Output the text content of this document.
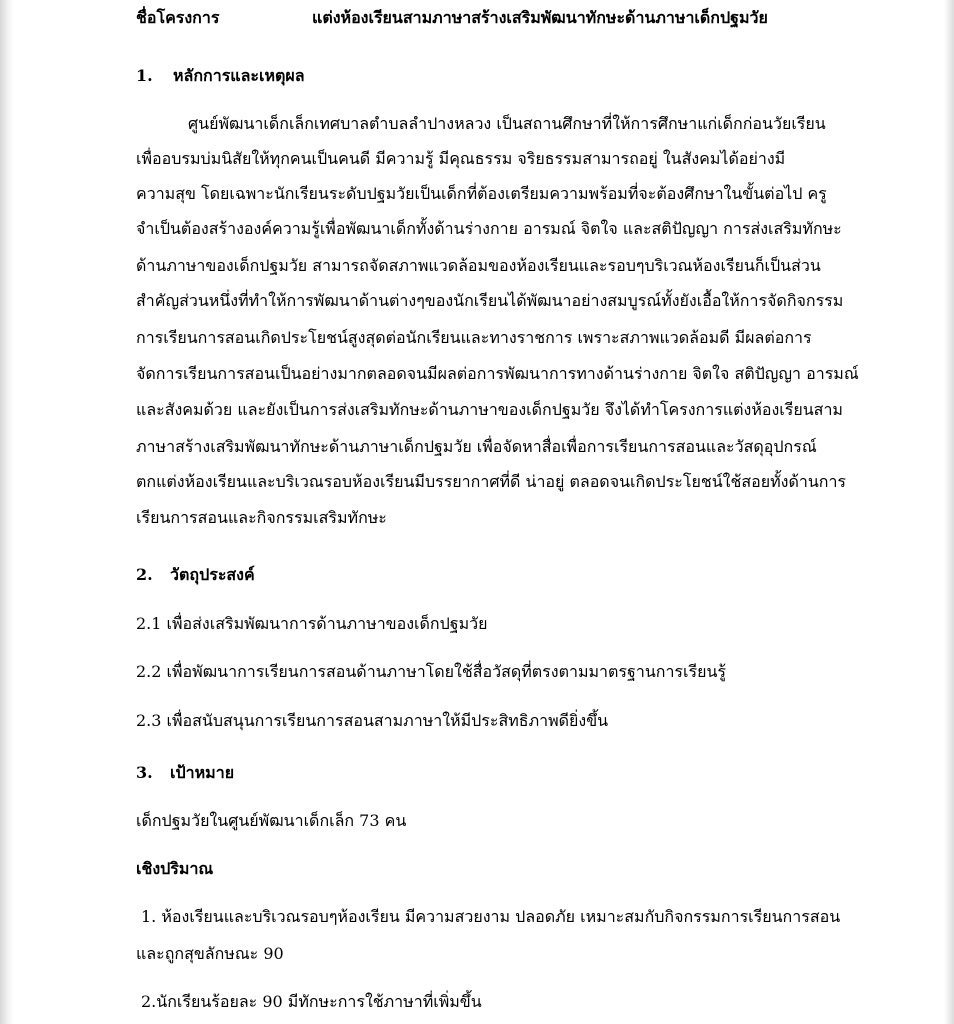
ชื่อโครงการ	แต่งห้องเรียนสามภาษาสร้างเสริมพัฒนาทักษะด้านภาษาเด็กปฐมวัย
1. หลักการและเหตุผล
ศูนย์พัฒนาเด็กเล็กเทศบาลตำบลลำปางหลวง เป็นสถานศึกษาที่ให้การศึกษาแก่เด็กก่อนวัยเรียน
เพื่ออบรมบ่มนิสัยให้ทุกคนเป็นคนดี มีความรู้ มีคุณธรรม จริยธรรมสามารถอยู่ ในสังคมได้อย่างมี
ความสุข โดยเฉพาะนักเรียนระดับปฐมวัยเป็นเด็กที่ต้องเตรียมความพร้อมที่จะต้องศึกษาในขั้นต่อไป ครู
จำเป็นต้องสร้างองค์ความรู้เพื่อพัฒนาเด็กทั้งด้านร่างกาย อารมณ์ จิตใจ และสติปัญญา การส่งเสริมทักษะ
ด้านภาษาของเด็กปฐมวัย สามารถจัดสภาพแวดล้อมของห้องเรียนและรอบๆบริเวณห้องเรียนก็เป็นส่วน
สำคัญส่วนหนึ่งที่ทำให้การพัฒนาด้านต่างๆของนักเรียนได้พัฒนาอย่างสมบูรณ์ทั้งยังเอื้อให้การจัดกิจกรรม
การเรียนการสอนเกิดประโยชน์สูงสุดต่อนักเรียนและทางราชการ เพราะสภาพแวดล้อมดี มีผลต่อการ
จัดการเรียนการสอนเป็นอย่างมากตลอดจนมีผลต่อการพัฒนาการทางด้านร่างกาย จิตใจ สติปัญญา อารมณ์
และสังคมด้วย และยังเป็นการส่งเสริมทักษะด้านภาษาของเด็กปฐมวัย จึงได้ทำโครงการแต่งห้องเรียนสาม
ภาษาสร้างเสริมพัฒนาทักษะด้านภาษาเด็กปฐมวัย เพื่อจัดหาสื่อเพื่อการเรียนการสอนและวัสดุอุปกรณ์
ตกแต่งห้องเรียนและบริเวณรอบห้องเรียนมีบรรยากาศที่ดี น่าอยู่ ตลอดจนเกิดประโยชน์ใช้สอยทั้งด้านการ
เรียนการสอนและกิจกรรมเสริมทักษะ
2. วัตถุประสงค์
2.1 เพื่อส่งเสริมพัฒนาการด้านภาษาของเด็กปฐมวัย
2.2 เพื่อพัฒนาการเรียนการสอนด้านภาษาโดยใช้สื่อวัสดุที่ตรงตามมาตรฐานการเรียนรู้
2.3 เพื่อสนับสนุนการเรียนการสอนสามภาษาให้มีประสิทธิภาพดียิ่งขึ้น
3. เป้าหมาย
เด็กปฐมวัยในศูนย์พัฒนาเด็กเล็ก 73 คน
เชิงปริมาณ
1. ห้องเรียนและบริเวณรอบๆห้องเรียน มีความสวยงาม ปลอดภัย เหมาะสมกับกิจกรรมการเรียนการสอน
และถูกสุขลักษณะ 90
2.นักเรียนร้อยละ 90 มีทักษะการใช้ภาษาที่เพิ่มขึ้น
